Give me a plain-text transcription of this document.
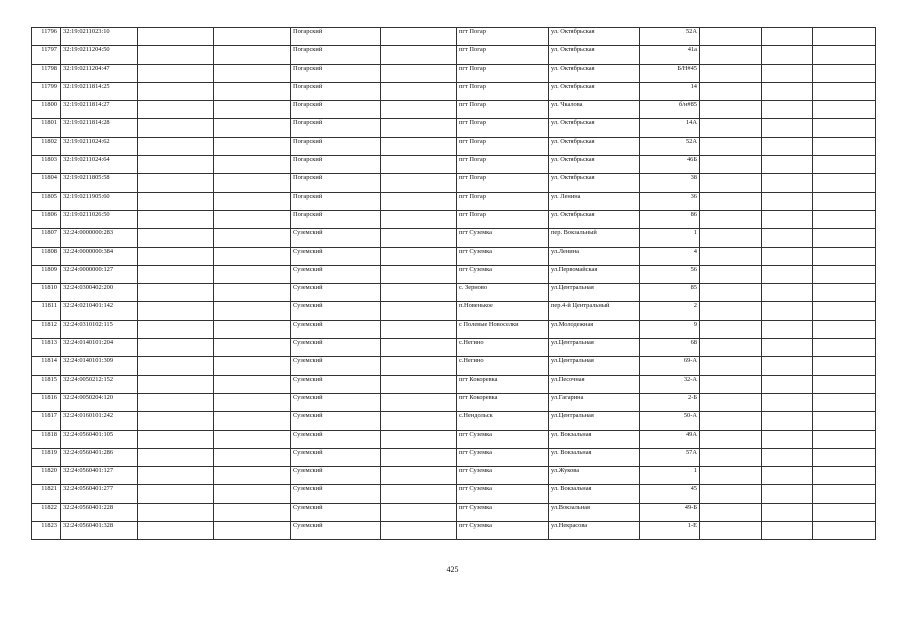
11796	32:19:0211023:10			Погарский		пгт Погар	ул. Октябрьская	52А			
11797	32:19:0211204:50			Погарский		пгт Погар	ул. Октябрьская	41а			
11798	32:19:0211204:47			Погарский		пгт Погар	ул. Октябрьская	Б/Н#45			
11799	32:19:0211814:25			Погарский		пгт Погар	ул. Октябрьская	14			
11800	32:19:0211814:27			Погарский		пгт Погар	ул. Чкалова	б/н#85			
11801	32:19:0211814:28			Погарский		пгт Погар	ул. Октябрьская	14А			
11802	32:19:0211024:62			Погарский		пгт Погар	ул. Октябрьская	52А			
11803	32:19:0211024:64			Погарский		пгт Погар	ул. Октябрьская	46Б			
11804	32:19:0211805:58			Погарский		пгт Погар	ул. Октябрьская	38			
11805	32:19:0211905:60			Погарский		пгт Погар	ул. Ленина	36			
11806	32:19:0211026:50			Погарский		пгт Погар	ул. Октябрьская	86			
11807	32:24:0000000:283			Суземский		пгт Суземка	пер. Вокзальный	1			
11808	32:24:0000000:384			Суземский		пгт Суземка	ул.Ленина	4			
11809	32:24:0000000:127			Суземский		пгт Суземка	ул.Первомайская	56			
11810	32:24:0300402:200			Суземский		с. Зерново	ул.Центральная	85			
11811	32:24:0210401:142			Суземский		п.Новенькое	пер.4-й Центральный	2			
11812	32:24:0310102:115			Суземский		с Полевые Новоселки	ул.Молодежная	9			
11813	32:24:0140101:204			Суземский		с.Негино	ул.Центральная	68			
11814	32:24:0140101:309			Суземский		с.Негино	ул.Центральная	69-А			
11815	32:24:0050212:152			Суземский		пгт Кокоревка	ул.Песочная	32-А			
11816	32:24:0050204:120			Суземский		пгт Кокоревка	ул.Гагарина	2-Б			
11817	32:24:0160101:242			Суземский		с.Нендольск	ул.Центральная	50-А			
11818	32:24:0560401:105			Суземский		пгт Суземка	ул. Вокзальная	49А			
11819	32:24:0560401:286			Суземский		пгт Суземка	ул. Вокзальная	57А			
11820	32:24:0560401:127			Суземский		пгт Суземка	ул.Жукова	1			
11821	32:24:0560401:277			Суземский		пгт Суземка	ул. Вокзальная	45			
11822	32:24:0560401:228			Суземский		пгт Суземка	ул.Вокзальная	49-Б			
11823	32:24:0560401:328			Суземский		пгт Суземка	ул.Некрасова	1-Е			
425
